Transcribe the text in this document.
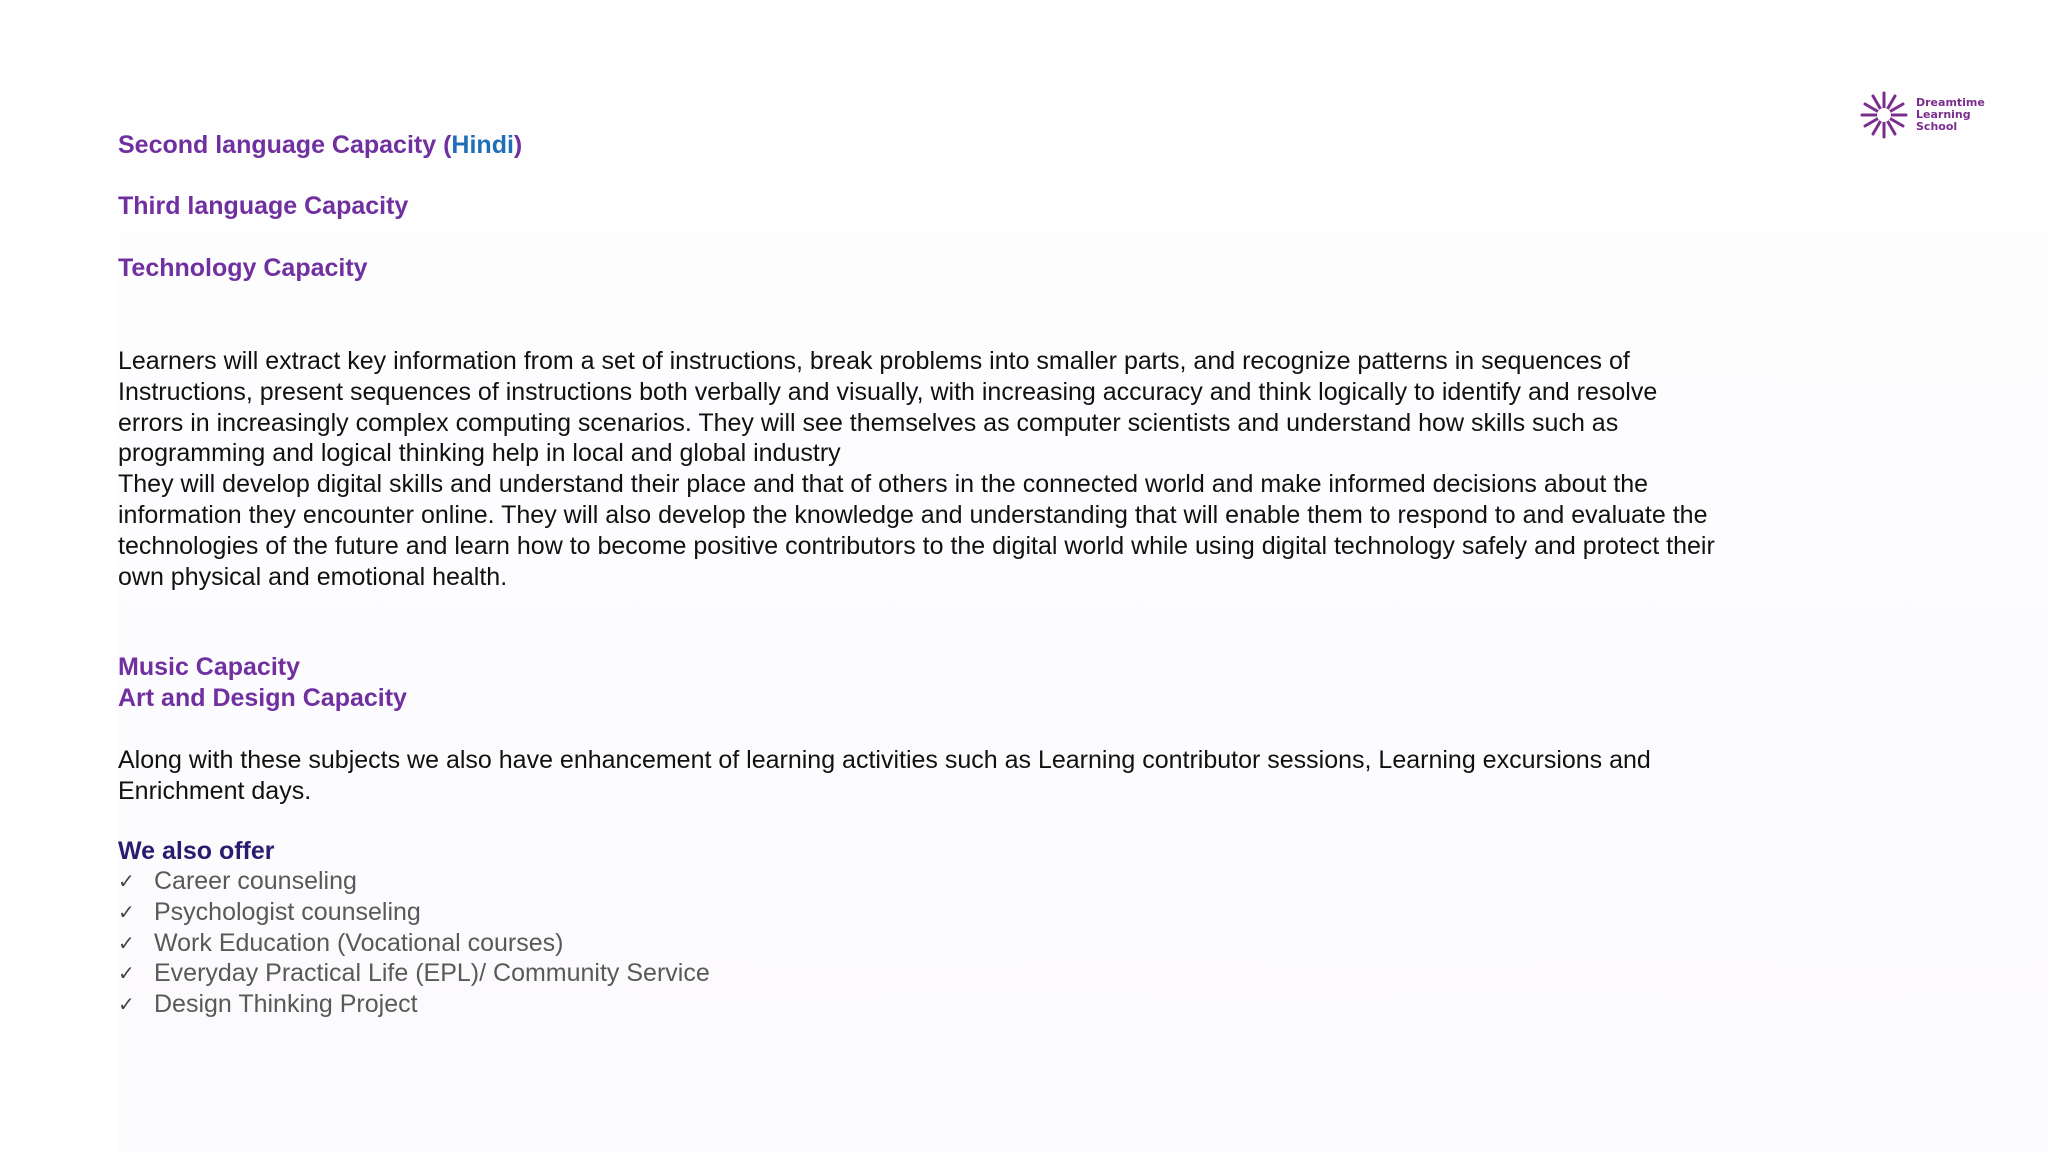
Dreamtime
Learning
School
Second language Capacity (Hindi)
Third language Capacity
Technology Capacity

Learners will extract key information from a set of instructions, break problems into smaller parts, and recognize patterns in sequences of
Instructions, present sequences of instructions both verbally and visually, with increasing accuracy and think logically to identify and resolve
errors in increasingly complex computing scenarios. They will see themselves as computer scientists and understand how skills such as
programming and logical thinking help in local and global industry
They will develop digital skills and understand their place and that of others in the connected world and make informed decisions about the
information they encounter online. They will also develop the knowledge and understanding that will enable them to respond to and evaluate the
technologies of the future and learn how to become positive contributors to the digital world while using digital technology safely and protect their
own physical and emotional health.

Music Capacity
Art and Design Capacity

Along with these subjects we also have enhancement of learning activities such as Learning contributor sessions, Learning excursions and
Enrichment days.

We also offer
✓ Career counseling
✓ Psychologist counseling
✓ Work Education (Vocational courses)
✓ Everyday Practical Life (EPL)/ Community Service
✓ Design Thinking Project
